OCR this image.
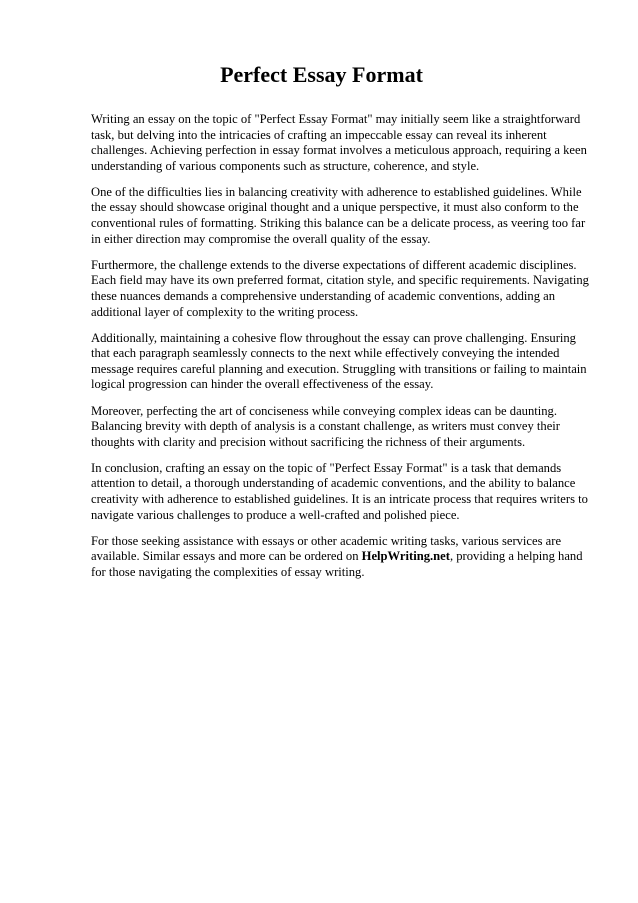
Perfect Essay Format

Writing an essay on the topic of "Perfect Essay Format" may initially seem like a straightforward task, but delving into the intricacies of crafting an impeccable essay can reveal its inherent challenges. Achieving perfection in essay format involves a meticulous approach, requiring a keen understanding of various components such as structure, coherence, and style.

One of the difficulties lies in balancing creativity with adherence to established guidelines. While the essay should showcase original thought and a unique perspective, it must also conform to the conventional rules of formatting. Striking this balance can be a delicate process, as veering too far in either direction may compromise the overall quality of the essay.

Furthermore, the challenge extends to the diverse expectations of different academic disciplines. Each field may have its own preferred format, citation style, and specific requirements. Navigating these nuances demands a comprehensive understanding of academic conventions, adding an additional layer of complexity to the writing process.

Additionally, maintaining a cohesive flow throughout the essay can prove challenging. Ensuring that each paragraph seamlessly connects to the next while effectively conveying the intended message requires careful planning and execution. Struggling with transitions or failing to maintain logical progression can hinder the overall effectiveness of the essay.

Moreover, perfecting the art of conciseness while conveying complex ideas can be daunting. Balancing brevity with depth of analysis is a constant challenge, as writers must convey their thoughts with clarity and precision without sacrificing the richness of their arguments.

In conclusion, crafting an essay on the topic of "Perfect Essay Format" is a task that demands attention to detail, a thorough understanding of academic conventions, and the ability to balance creativity with adherence to established guidelines. It is an intricate process that requires writers to navigate various challenges to produce a well-crafted and polished piece.

For those seeking assistance with essays or other academic writing tasks, various services are available. Similar essays and more can be ordered on HelpWriting.net, providing a helping hand for those navigating the complexities of essay writing.
